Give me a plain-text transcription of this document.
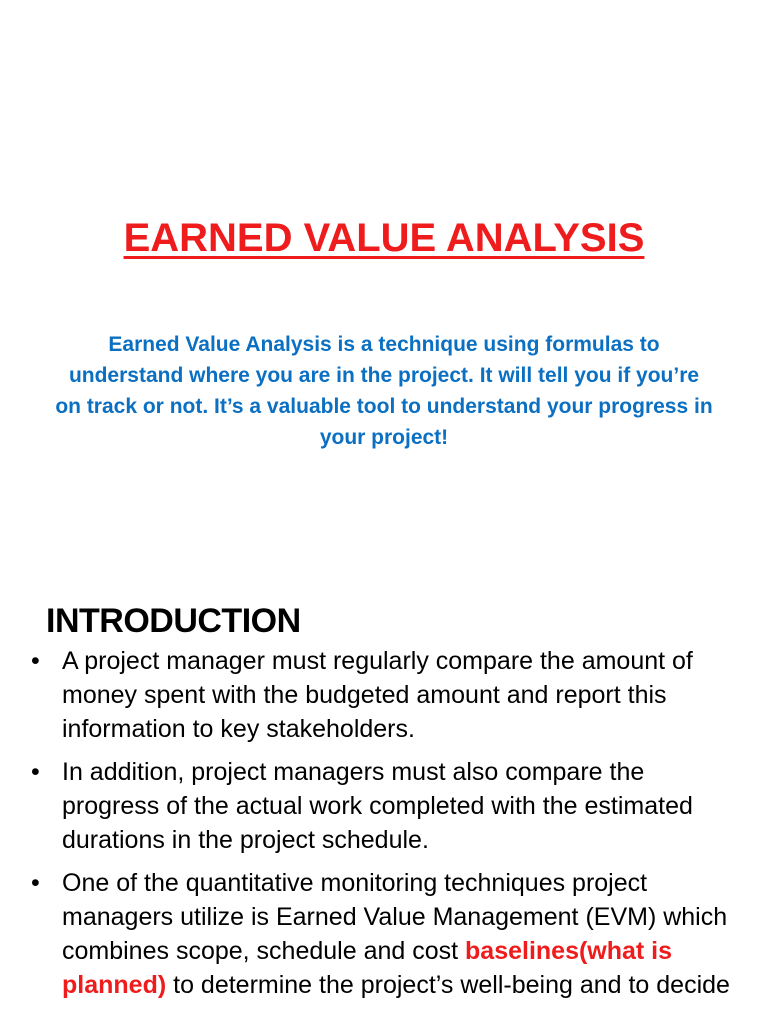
EARNED VALUE ANALYSIS

Earned Value Analysis is a technique using formulas to understand where you are in the project. It will tell you if you’re on track or not. It’s a valuable tool to understand your progress in your project!

INTRODUCTION
• A project manager must regularly compare the amount of money spent with the budgeted amount and report this information to key stakeholders.
• In addition, project managers must also compare the progress of the actual work completed with the estimated durations in the project schedule.
• One of the quantitative monitoring techniques project managers utilize is Earned Value Management (EVM) which combines scope, schedule and cost baselines(what is planned) to determine the project’s well-being and to decide
